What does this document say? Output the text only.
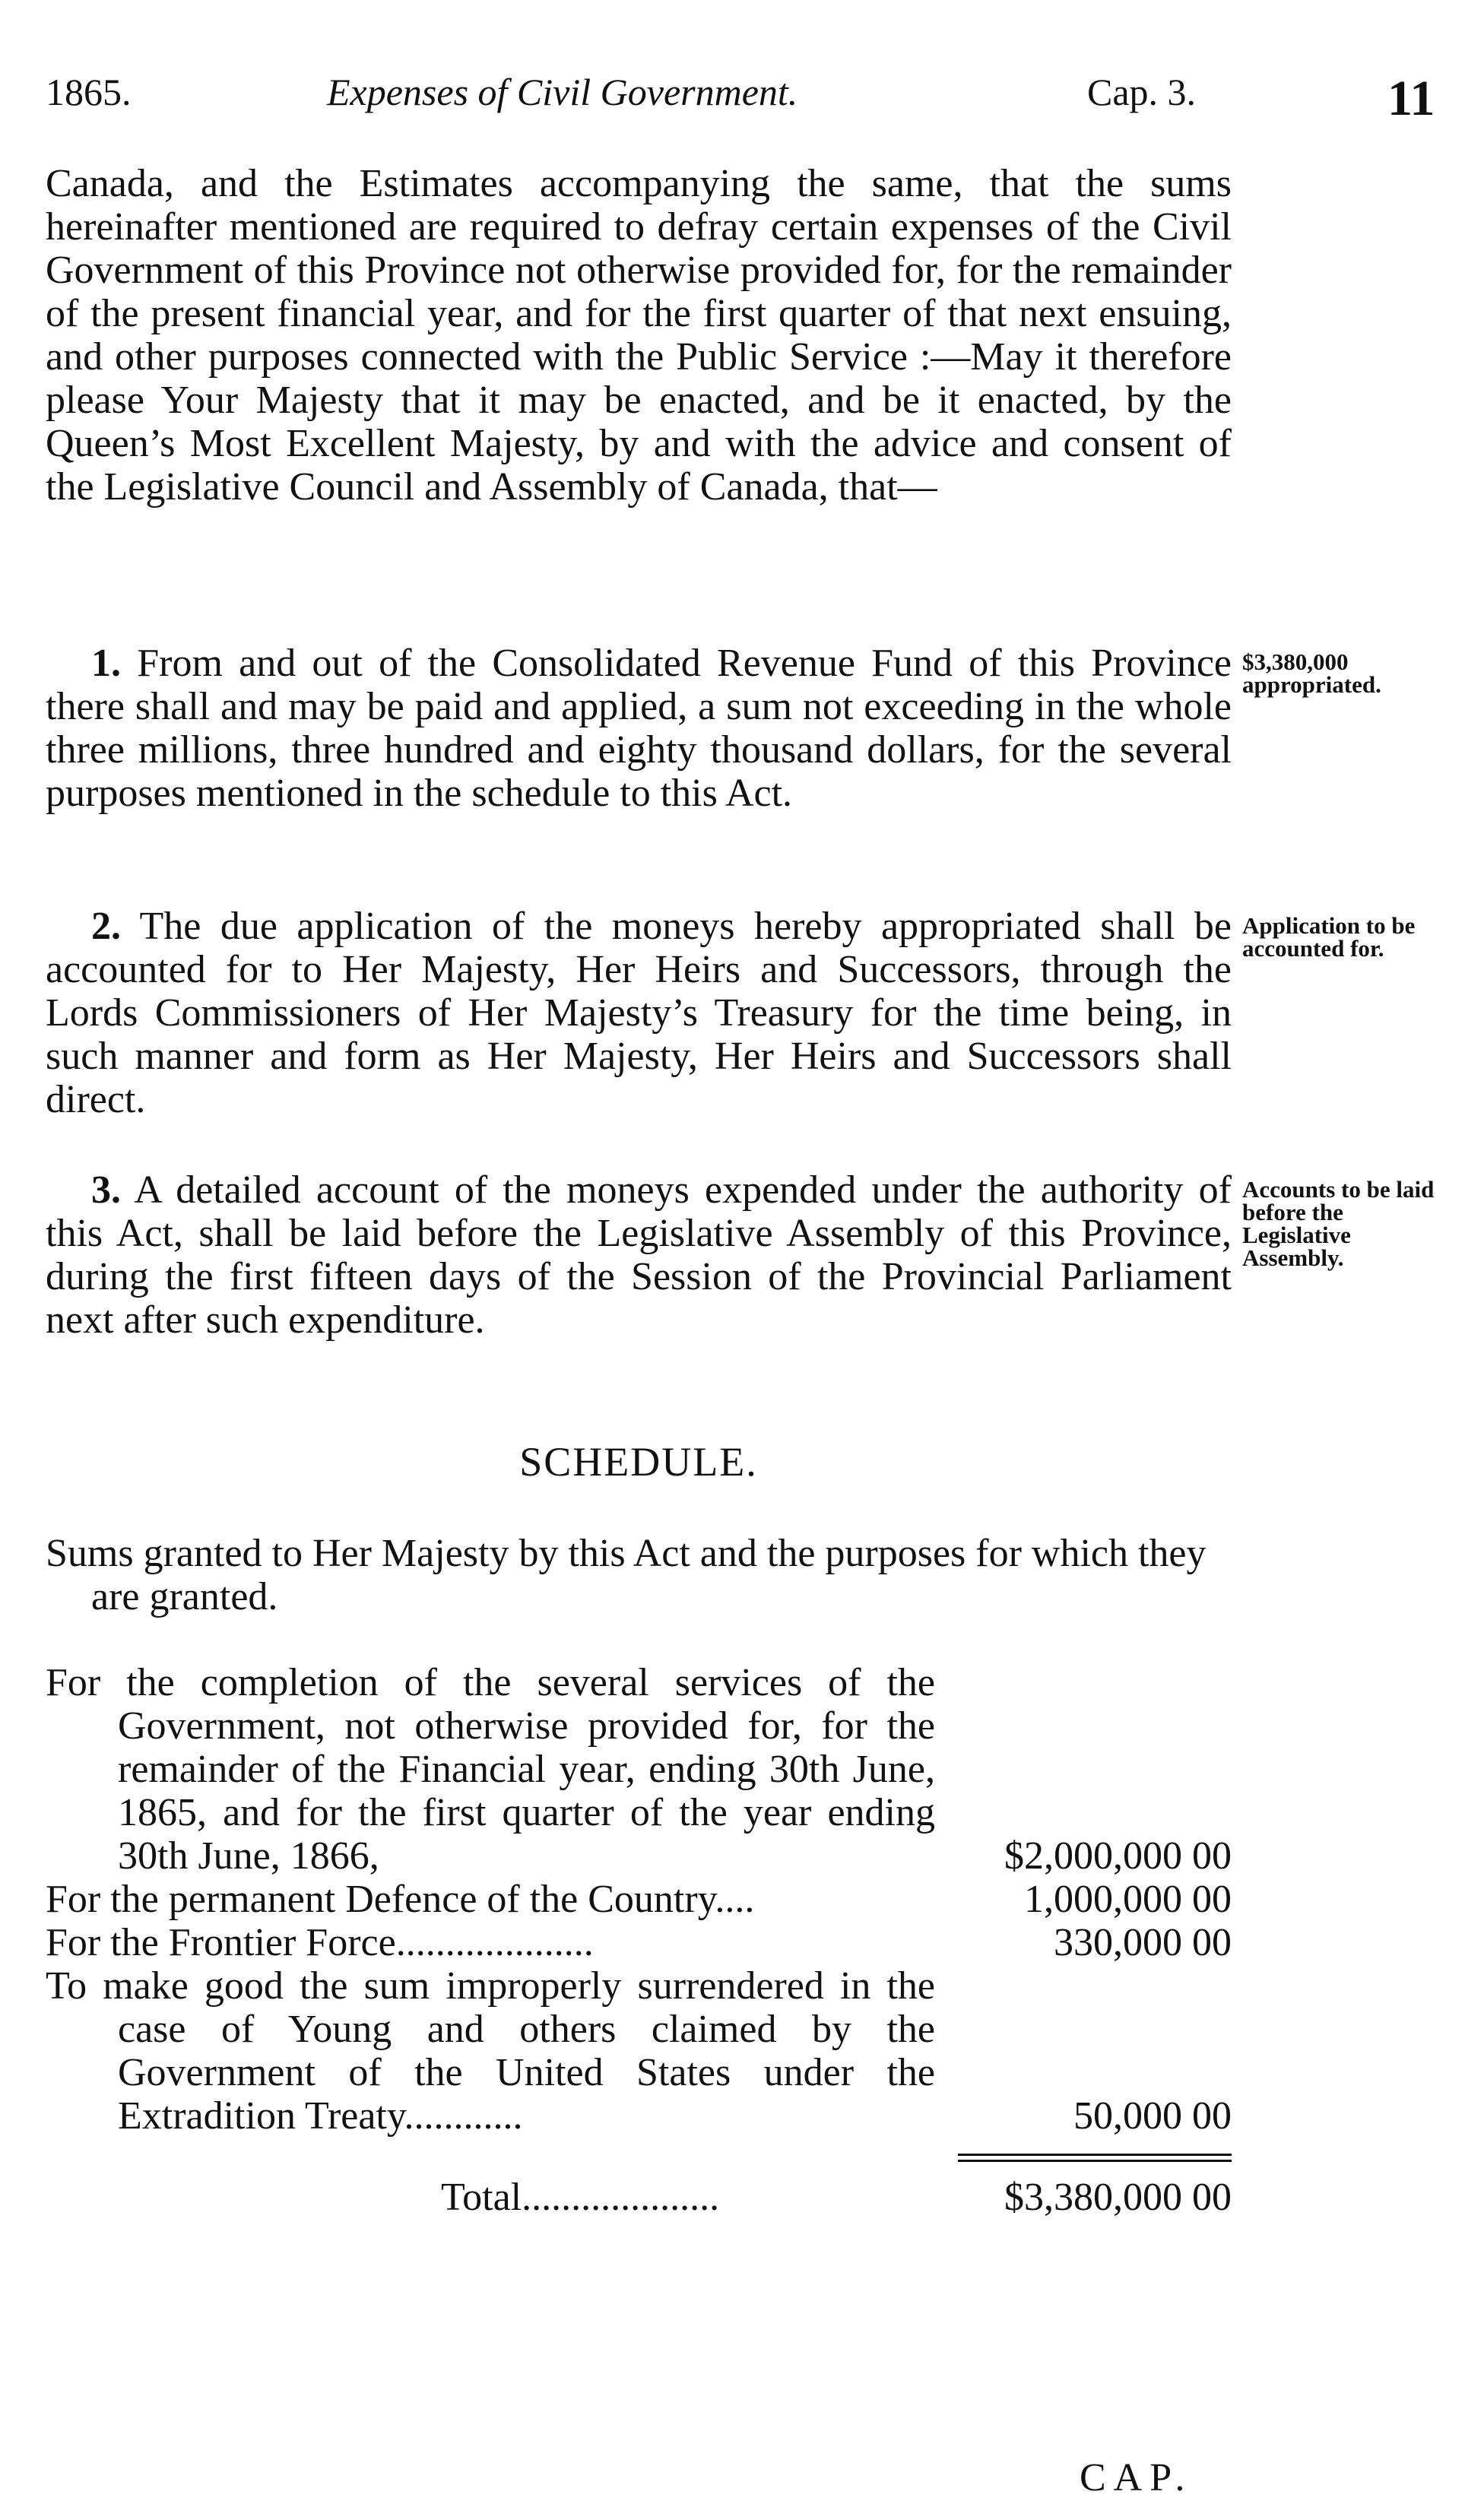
1865.	Expenses of Civil Government.	Cap. 3.	11
Canada, and the Estimates accompanying the same, that the sums hereinafter mentioned are required to defray certain expenses of the Civil Government of this Province not otherwise provided for, for the remainder of the present financial year, and for the first quarter of that next ensuing, and other purposes connected with the Public Service :—May it therefore please Your Majesty that it may be enacted, and be it enacted, by the Queen’s Most Excellent Majesty, by and with the advice and consent of the Legislative Council and Assembly of Canada, that—
1. From and out of the Consolidated Revenue Fund of this Province there shall and may be paid and applied, a sum not exceeding in the whole three millions, three hundred and eighty thousand dollars, for the several purposes mentioned in the schedule to this Act.
$3,380,000 appropriated.
2. The due application of the moneys hereby appropriated shall be accounted for to Her Majesty, Her Heirs and Successors, through the Lords Commissioners of Her Majesty’s Treasury for the time being, in such manner and form as Her Majesty, Her Heirs and Successors shall direct.
Application to be accounted for.
3. A detailed account of the moneys expended under the authority of this Act, shall be laid before the Legislative Assembly of this Province, during the first fifteen days of the Session of the Provincial Parliament next after such expenditure.
Accounts to be laid before the Legislative Assembly.
SCHEDULE.
Sums granted to Her Majesty by this Act and the purposes for which they are granted.
For the completion of the several services of the Government, not otherwise provided for, for the remainder of the Financial year, ending 30th June, 1865, and for the first quarter of the year ending 30th June, 1866,	$2,000,000 00
For the permanent Defence of the Country....	1,000,000 00
For the Frontier Force....................	330,000 00
To make good the sum improperly surrendered in the case of Young and others claimed by the Government of the United States under the Extradition Treaty............	50,000 00
Total....................	$3,380,000 00
CAP.
